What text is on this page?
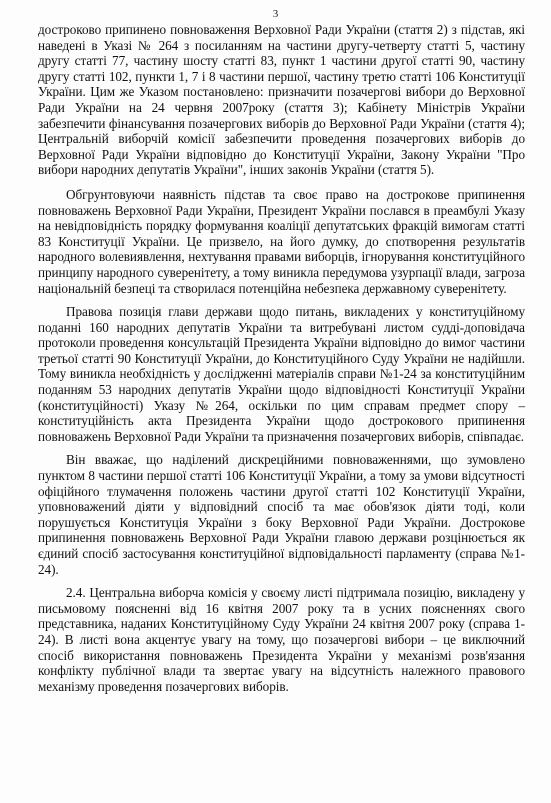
3

достроково припинено повноваження Верховної Ради України (стаття 2) з підстав, які наведені в Указі № 264 з посиланням на частини другу-четверту статті 5, частину другу статті 77, частину шосту статті 83, пункт 1 частини другої статті 90, частину другу статті 102, пункти 1, 7 і 8 частини першої, частину третю статті 106 Конституції України. Цим же Указом постановлено: призначити позачергові вибори до Верховної Ради України на 24 червня 2007року (стаття 3); Кабінету Міністрів України забезпечити фінансування позачергових виборів до Верховної Ради України (стаття 4); Центральній виборчій комісії забезпечити проведення позачергових виборів до Верховної Ради України відповідно до Конституції України, Закону України "Про вибори народних депутатів України", інших законів України (стаття 5).

Обгрунтовуючи наявність підстав та своє право на дострокове припинення повноважень Верховної Ради України, Президент України послався в преамбулі Указу на невідповідність порядку формування коаліції депутатських фракцій вимогам статті 83 Конституції України. Це призвело, на його думку, до спотворення результатів народного волевиявлення, нехтування правами виборців, ігнорування конституційного принципу народного суверенітету, а тому виникла передумова узурпації влади, загроза національній безпеці та створилася потенційна небезпека державному суверенітету.

Правова позиція глави держави щодо питань, викладених у конституційному поданні 160 народних депутатів України та витребувані листом судді-доповідача протоколи проведення консультацій Президента України відповідно до вимог частини третьої статті 90 Конституції України, до Конституційного Суду України не надійшли. Тому виникла необхідність у дослідженні матеріалів справи №1-24 за конституційним поданням 53 народних депутатів України щодо відповідності Конституції України (конституційності) Указу №264, оскільки по цим справам предмет спору – конституційність акта Президента України щодо дострокового припинення повноважень Верховної Ради України та призначення позачергових виборів, співпадає.

Він вважає, що наділений дискреційними повноваженнями, що зумовлено пунктом 8 частини першої статті 106 Конституції України, а тому за умови відсутності офіційного тлумачення положень частини другої статті 102 Конституції України, уповноважений діяти у відповідний спосіб та має обов'язок діяти тоді, коли порушується Конституція України з боку Верховної Ради України. Дострокове припинення повноважень Верховної Ради України главою держави розцінюється як єдиний спосіб застосування конституційної відповідальності парламенту (справа №1-24).

2.4. Центральна виборча комісія у своєму листі підтримала позицію, викладену у письмовому поясненні від 16 квітня 2007 року та в усних поясненнях свого представника, наданих Конституційному Суду України 24 квітня 2007 року (справа 1-24). В листі вона акцентує увагу на тому, що позачергові вибори – це виключний спосіб використання повноважень Президента України у механізмі розв'язання конфлікту публічної влади та звертає увагу на відсутність належного правового механізму проведення позачергових виборів.
